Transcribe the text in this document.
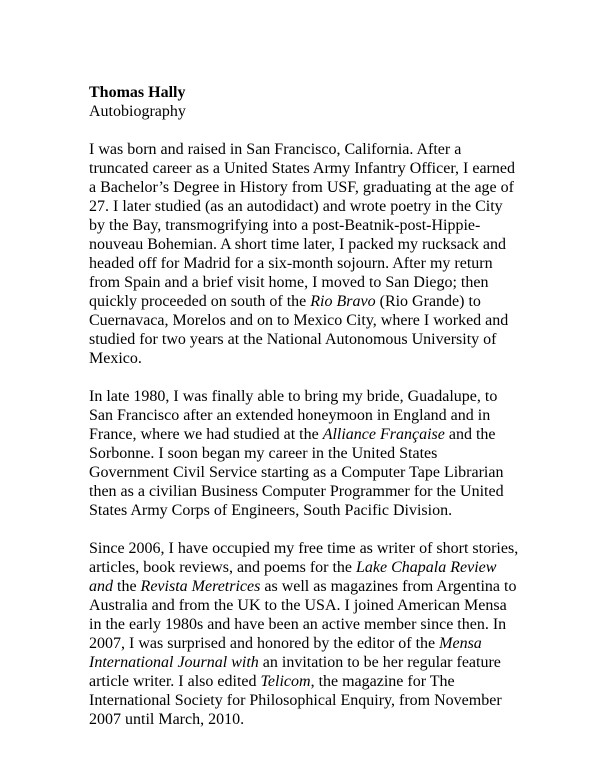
Thomas Hally

Autobiography

I was born and raised in San Francisco, California. After a
truncated career as a United States Army Infantry Officer, I earned
a Bachelor’s Degree in History from USF, graduating at the age of
27. I later studied (as an autodidact) and wrote poetry in the City
by the Bay, transmogrifying into a post-Beatnik-post-Hippie-
nouveau Bohemian. A short time later, I packed my rucksack and
headed off for Madrid for a six-month sojourn. After my return
from Spain and a brief visit home, I moved to San Diego; then
quickly proceeded on south of the Rio Bravo (Rio Grande) to
Cuernavaca, Morelos and on to Mexico City, where I worked and
studied for two years at the National Autonomous University of
Mexico.
In late 1980, I was finally able to bring my bride, Guadalupe, to
San Francisco after an extended honeymoon in England and in
France, where we had studied at the Alliance Française and the
Sorbonne. I soon began my career in the United States
Government Civil Service starting as a Computer Tape Librarian
then as a civilian Business Computer Programmer for the United
States Army Corps of Engineers, South Pacific Division.
Since 2006, I have occupied my free time as writer of short stories,
articles, book reviews, and poems for the Lake Chapala Review
and the Revista Meretrices as well as magazines from Argentina to
Australia and from the UK to the USA. I joined American Mensa
in the early 1980s and have been an active member since then. In
2007, I was surprised and honored by the editor of the Mensa
International Journal with an invitation to be her regular feature
article writer. I also edited Telicom, the magazine for The
International Society for Philosophical Enquiry, from November
2007 until March, 2010.
